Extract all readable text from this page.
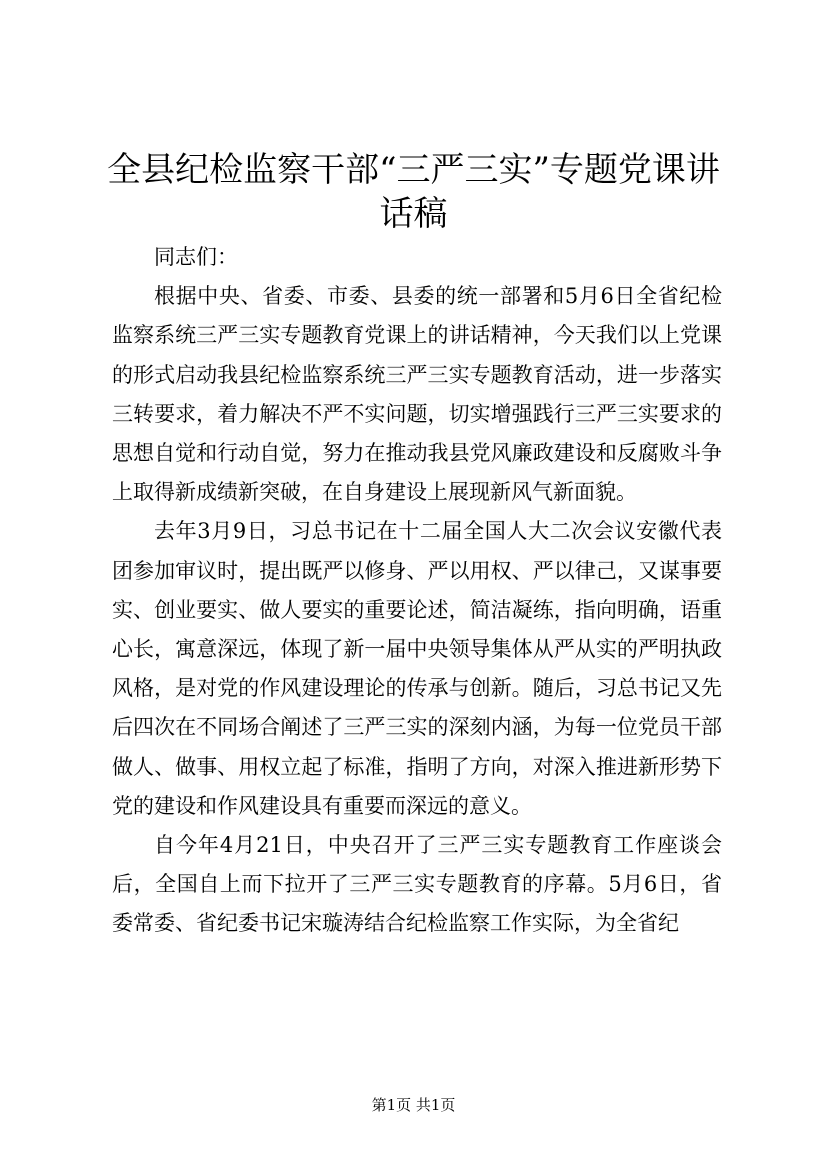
全县纪检监察干部“三严三实”专题党课讲话稿

同志们：

根据中央、省委、市委、县委的统一部署和5月6日全省纪检监察系统三严三实专题教育党课上的讲话精神，今天我们以上党课的形式启动我县纪检监察系统三严三实专题教育活动，进一步落实三转要求，着力解决不严不实问题，切实增强践行三严三实要求的思想自觉和行动自觉，努力在推动我县党风廉政建设和反腐败斗争上取得新成绩新突破，在自身建设上展现新风气新面貌。

去年3月9日，习总书记在十二届全国人大二次会议安徽代表团参加审议时，提出既严以修身、严以用权、严以律己，又谋事要实、创业要实、做人要实的重要论述，简洁凝练，指向明确，语重心长，寓意深远，体现了新一届中央领导集体从严从实的严明执政风格，是对党的作风建设理论的传承与创新。随后，习总书记又先后四次在不同场合阐述了三严三实的深刻内涵，为每一位党员干部做人、做事、用权立起了标准，指明了方向，对深入推进新形势下党的建设和作风建设具有重要而深远的意义。

自今年4月21日，中央召开了三严三实专题教育工作座谈会后，全国自上而下拉开了三严三实专题教育的序幕。5月6日，省委常委、省纪委书记宋璇涛结合纪检监察工作实际，为全省纪

第1页 共1页
